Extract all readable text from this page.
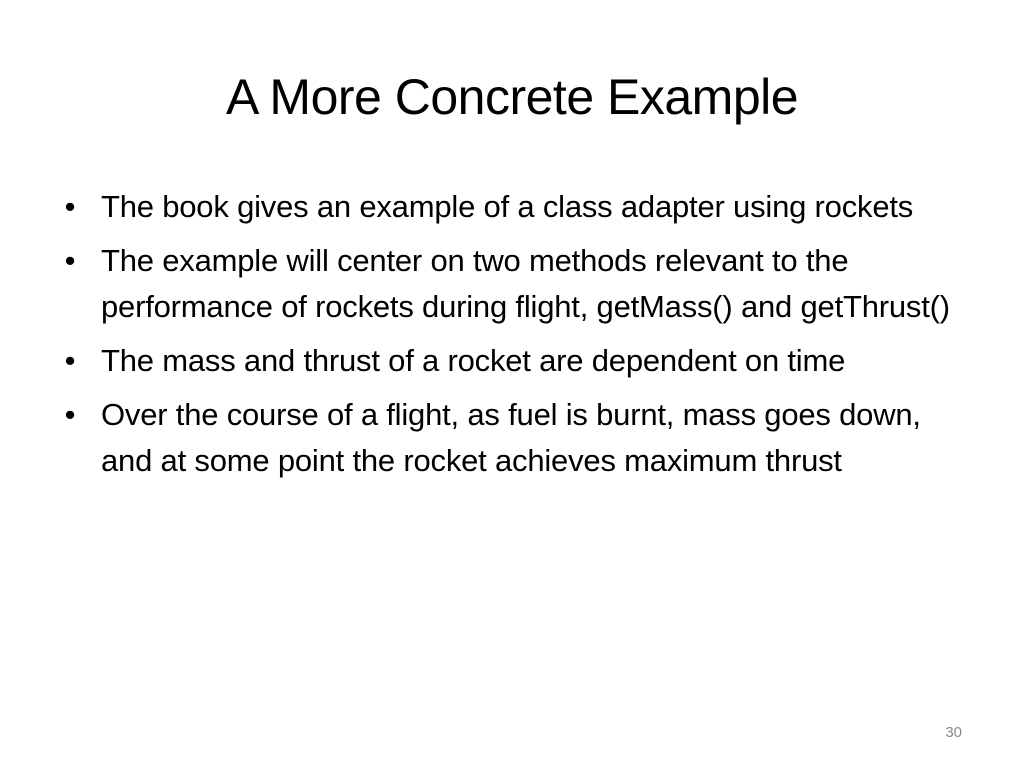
A More Concrete Example
• The book gives an example of a class adapter using rockets
• The example will center on two methods relevant to the performance of rockets during flight, getMass() and getThrust()
• The mass and thrust of a rocket are dependent on time
• Over the course of a flight, as fuel is burnt, mass goes down, and at some point the rocket achieves maximum thrust
30
